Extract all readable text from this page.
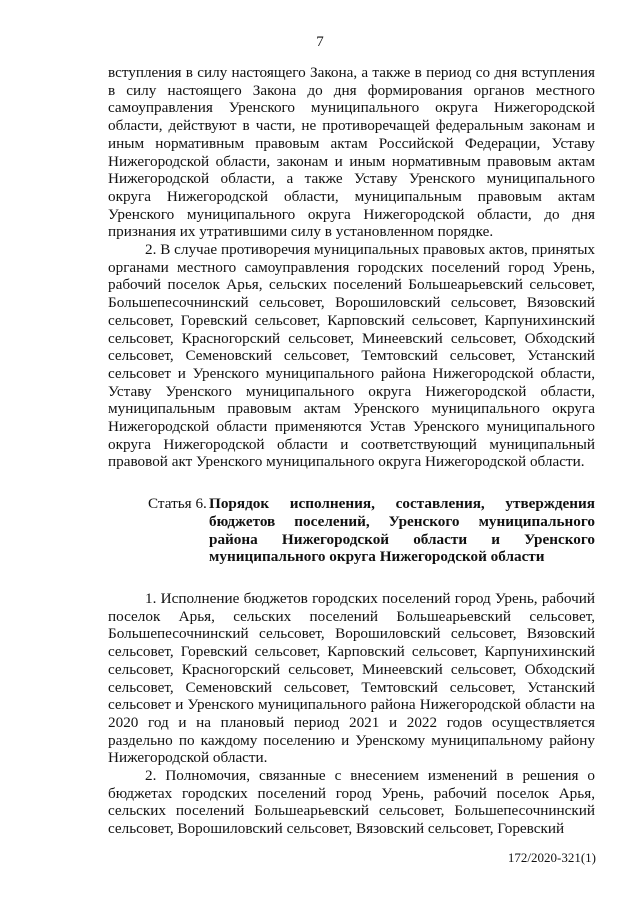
7

вступления в силу настоящего Закона, а также в период со дня вступления в силу настоящего Закона до дня формирования органов местного самоуправления Уренского муниципального округа Нижегородской области, действуют в части, не противоречащей федеральным законам и иным нормативным правовым актам Российской Федерации, Уставу Нижегородской области, законам и иным нормативным правовым актам Нижегородской области, а также Уставу Уренского муниципального округа Нижегородской области, муниципальным правовым актам Уренского муниципального округа Нижегородской области, до дня признания их утратившими силу в установленном порядке.

2. В случае противоречия муниципальных правовых актов, принятых органами местного самоуправления городских поселений город Урень, рабочий поселок Арья, сельских поселений Большеарьевский сельсовет, Большепесочнинский сельсовет, Ворошиловский сельсовет, Вязовский сельсовет, Горевский сельсовет, Карповский сельсовет, Карпунихинский сельсовет, Красногорский сельсовет, Минеевский сельсовет, Обходский сельсовет, Семеновский сельсовет, Темтовский сельсовет, Устанский сельсовет и Уренского муниципального района Нижегородской области, Уставу Уренского муниципального округа Нижегородской области, муниципальным правовым актам Уренского муниципального округа Нижегородской области применяются Устав Уренского муниципального округа Нижегородской области и соответствующий муниципальный правовой акт Уренского муниципального округа Нижегородской области.

Статья 6. Порядок исполнения, составления, утверждения бюджетов поселений, Уренского муниципального района Нижегородской области и Уренского муниципального округа Нижегородской области

1. Исполнение бюджетов городских поселений город Урень, рабочий поселок Арья, сельских поселений Большеарьевский сельсовет, Большепесочнинский сельсовет, Ворошиловский сельсовет, Вязовский сельсовет, Горевский сельсовет, Карповский сельсовет, Карпунихинский сельсовет, Красногорский сельсовет, Минеевский сельсовет, Обходский сельсовет, Семеновский сельсовет, Темтовский сельсовет, Устанский сельсовет и Уренского муниципального района Нижегородской области на 2020 год и на плановый период 2021 и 2022 годов осуществляется раздельно по каждому поселению и Уренскому муниципальному району Нижегородской области.

2. Полномочия, связанные с внесением изменений в решения о бюджетах городских поселений город Урень, рабочий поселок Арья, сельских поселений Большеарьевский сельсовет, Большепесочнинский сельсовет, Ворошиловский сельсовет, Вязовский сельсовет, Горевский

172/2020-321(1)
